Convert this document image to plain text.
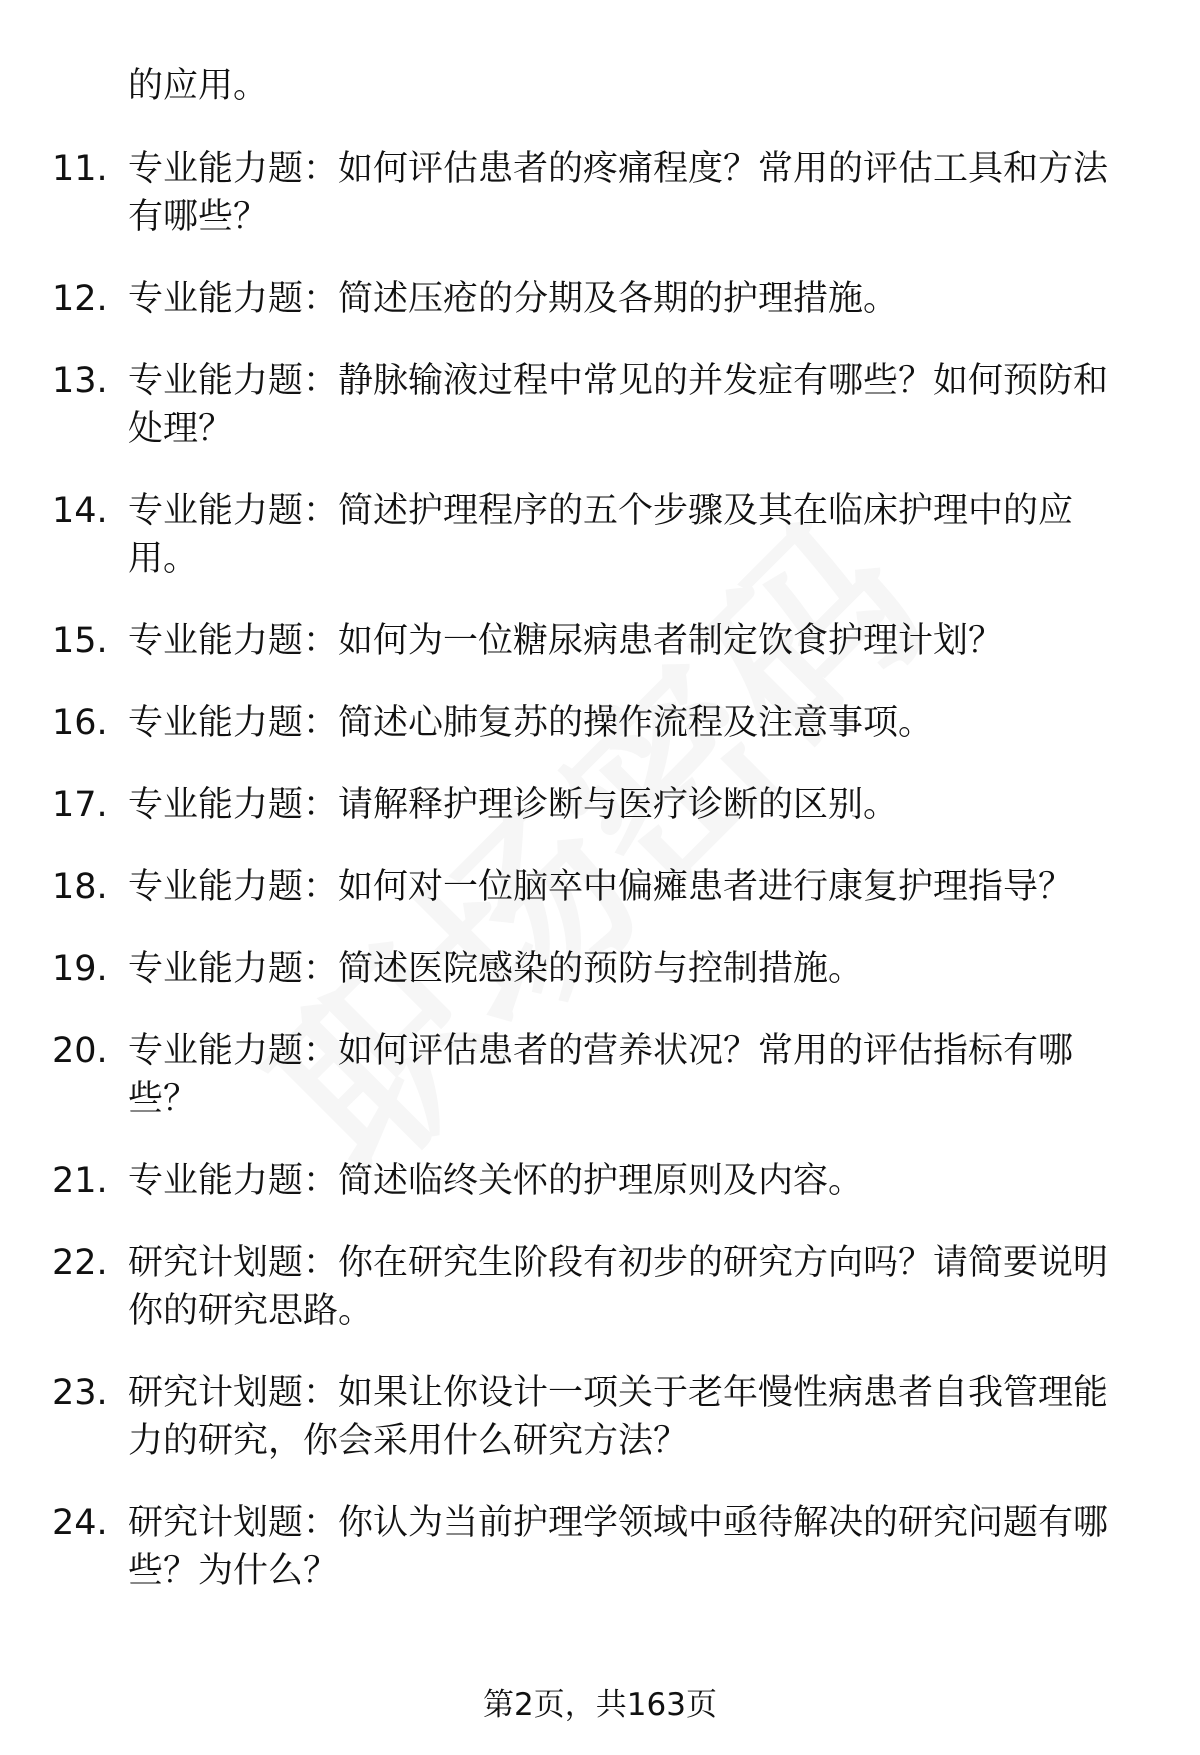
的应用。
11. 专业能力题：如何评估患者的疼痛程度？常用的评估工具和方法有哪些？
12. 专业能力题：简述压疮的分期及各期的护理措施。
13. 专业能力题：静脉输液过程中常见的并发症有哪些？如何预防和处理？
14. 专业能力题：简述护理程序的五个步骤及其在临床护理中的应用。
15. 专业能力题：如何为一位糖尿病患者制定饮食护理计划？
16. 专业能力题：简述心肺复苏的操作流程及注意事项。
17. 专业能力题：请解释护理诊断与医疗诊断的区别。
18. 专业能力题：如何对一位脑卒中偏瘫患者进行康复护理指导？
19. 专业能力题：简述医院感染的预防与控制措施。
20. 专业能力题：如何评估患者的营养状况？常用的评估指标有哪些？
21. 专业能力题：简述临终关怀的护理原则及内容。
22. 研究计划题：你在研究生阶段有初步的研究方向吗？请简要说明你的研究思路。
23. 研究计划题：如果让你设计一项关于老年慢性病患者自我管理能力的研究，你会采用什么研究方法？
24. 研究计划题：你认为当前护理学领域中亟待解决的研究问题有哪些？为什么？
第2页，共163页
